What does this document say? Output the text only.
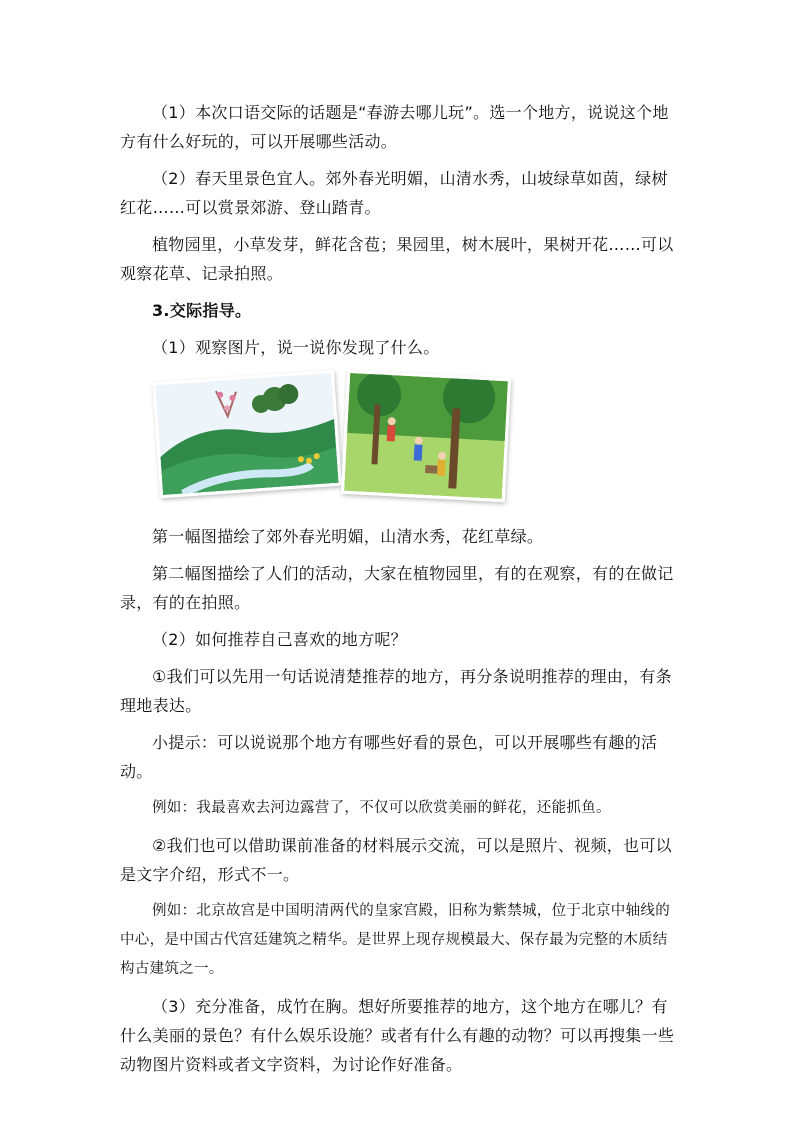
（1）本次口语交际的话题是“春游去哪儿玩”。选一个地方，说说这个地方有什么好玩的，可以开展哪些活动。

（2）春天里景色宜人。郊外春光明媚，山清水秀，山坡绿草如茵，绿树红花……可以赏景郊游、登山踏青。

植物园里，小草发芽，鲜花含苞；果园里，树木展叶，果树开花……可以观察花草、记录拍照。

3.交际指导。

（1）观察图片，说一说你发现了什么。

第一幅图描绘了郊外春光明媚，山清水秀，花红草绿。

第二幅图描绘了人们的活动，大家在植物园里，有的在观察，有的在做记录，有的在拍照。

（2）如何推荐自己喜欢的地方呢？

①我们可以先用一句话说清楚推荐的地方，再分条说明推荐的理由，有条理地表达。

小提示：可以说说那个地方有哪些好看的景色，可以开展哪些有趣的活动。

例如：我最喜欢去河边露营了，不仅可以欣赏美丽的鲜花，还能抓鱼。

②我们也可以借助课前准备的材料展示交流，可以是照片、视频，也可以是文字介绍，形式不一。

例如：北京故宫是中国明清两代的皇家宫殿，旧称为紫禁城，位于北京中轴线的中心，是中国古代宫廷建筑之精华。是世界上现存规模最大、保存最为完整的木质结构古建筑之一。

（3）充分准备，成竹在胸。想好所要推荐的地方，这个地方在哪儿？有什么美丽的景色？有什么娱乐设施？或者有什么有趣的动物？可以再搜集一些动物图片资料或者文字资料，为讨论作好准备。
